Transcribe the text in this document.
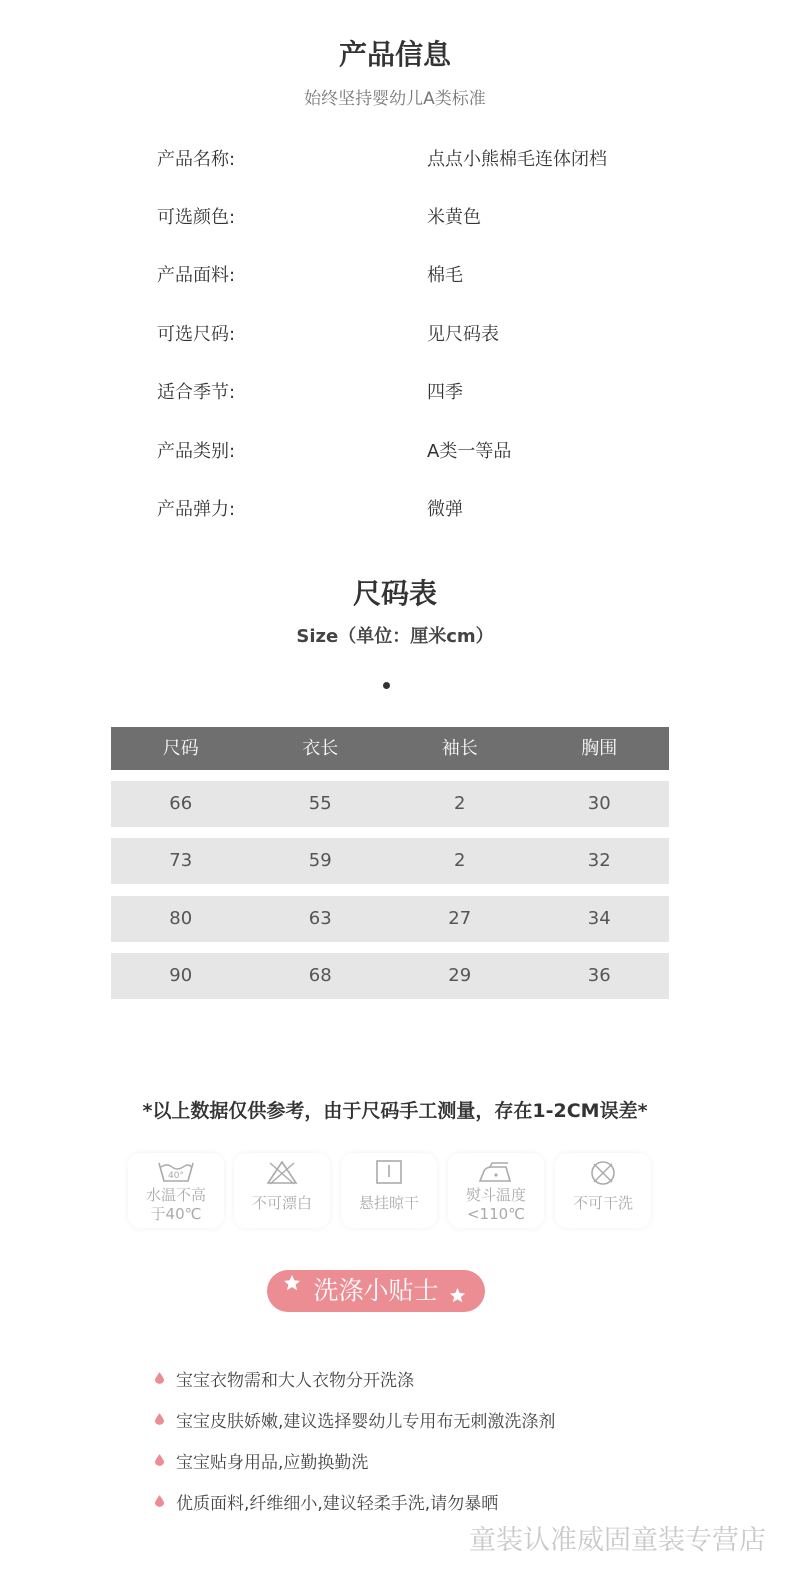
产品信息
始终坚持婴幼儿A类标准
产品名称:	点点小熊棉毛连体闭档
可选颜色:	米黄色
产品面料:	棉毛
可选尺码:	见尺码表
适合季节:	四季
产品类别:	A类一等品
产品弹力:	微弹
尺码表
Size（单位：厘米cm）
尺码	衣长	袖长	胸围
66	55	2	30
73	59	2	32
80	63	27	34
90	68	29	36
*以上数据仅供参考，由于尺码手工测量，存在1-2CM误差*
40°
水温不高
于40℃
不可漂白	悬挂晾干	熨斗温度
<110℃
不可干洗
洗涤小贴士
宝宝衣物需和大人衣物分开洗涤
宝宝皮肤娇嫩,建议选择婴幼儿专用布无刺激洗涤剂
宝宝贴身用品,应勤换勤洗
优质面料,纤维细小,建议轻柔手洗,请勿暴晒
童装认准威固童装专营店
